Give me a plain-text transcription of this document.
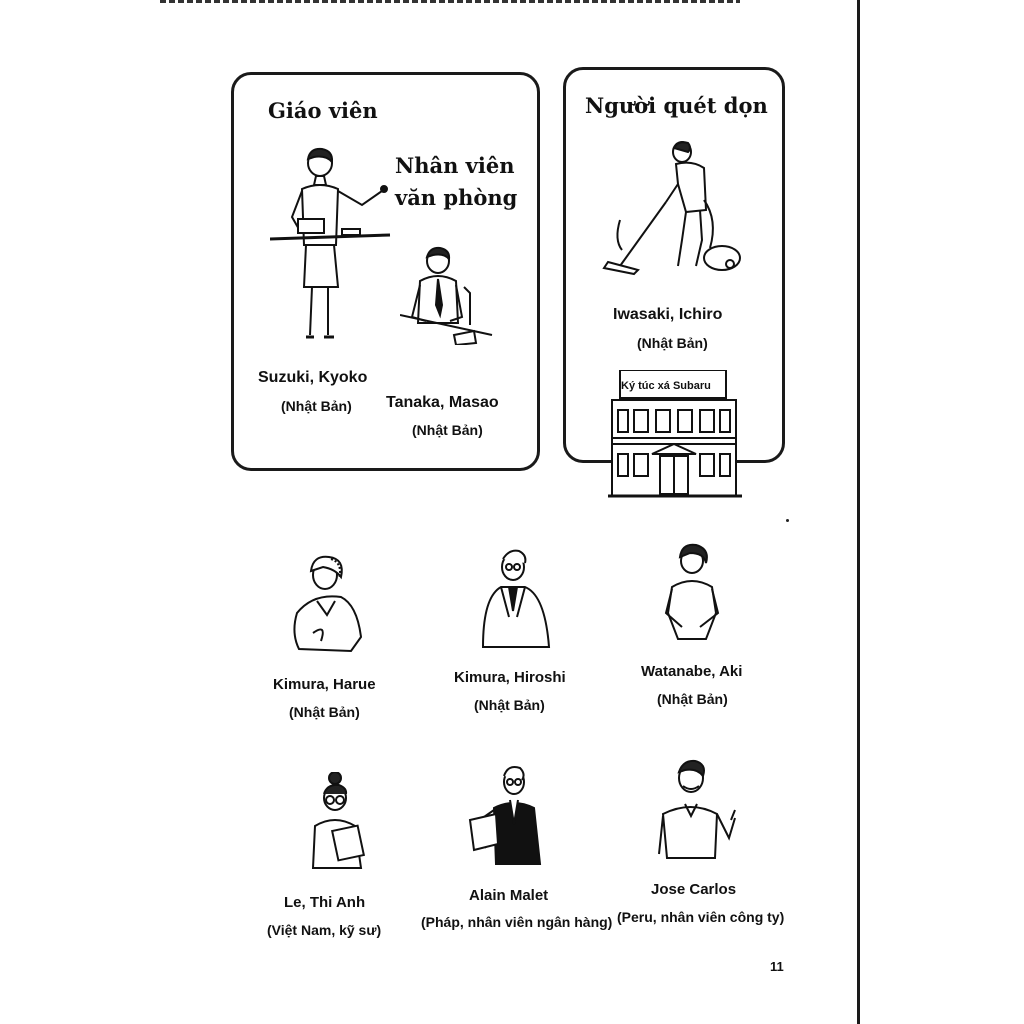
Giáo viên
Nhân viên
văn phòng
Suzuki, Kyoko
(Nhật Bản) Tanaka, Masao
(Nhật Bản)
Người quét dọn
Iwasaki, Ichiro
(Nhật Bản)
Ký túc xá Subaru
Kimura, Harue
(Nhật Bản)
Kimura, Hiroshi
(Nhật Bản)
Watanabe, Aki
(Nhật Bản)
Le, Thi Anh
(Việt Nam, kỹ sư)
Alain Malet
(Pháp, nhân viên ngân hàng)
Jose Carlos
(Peru, nhân viên công ty)
11
